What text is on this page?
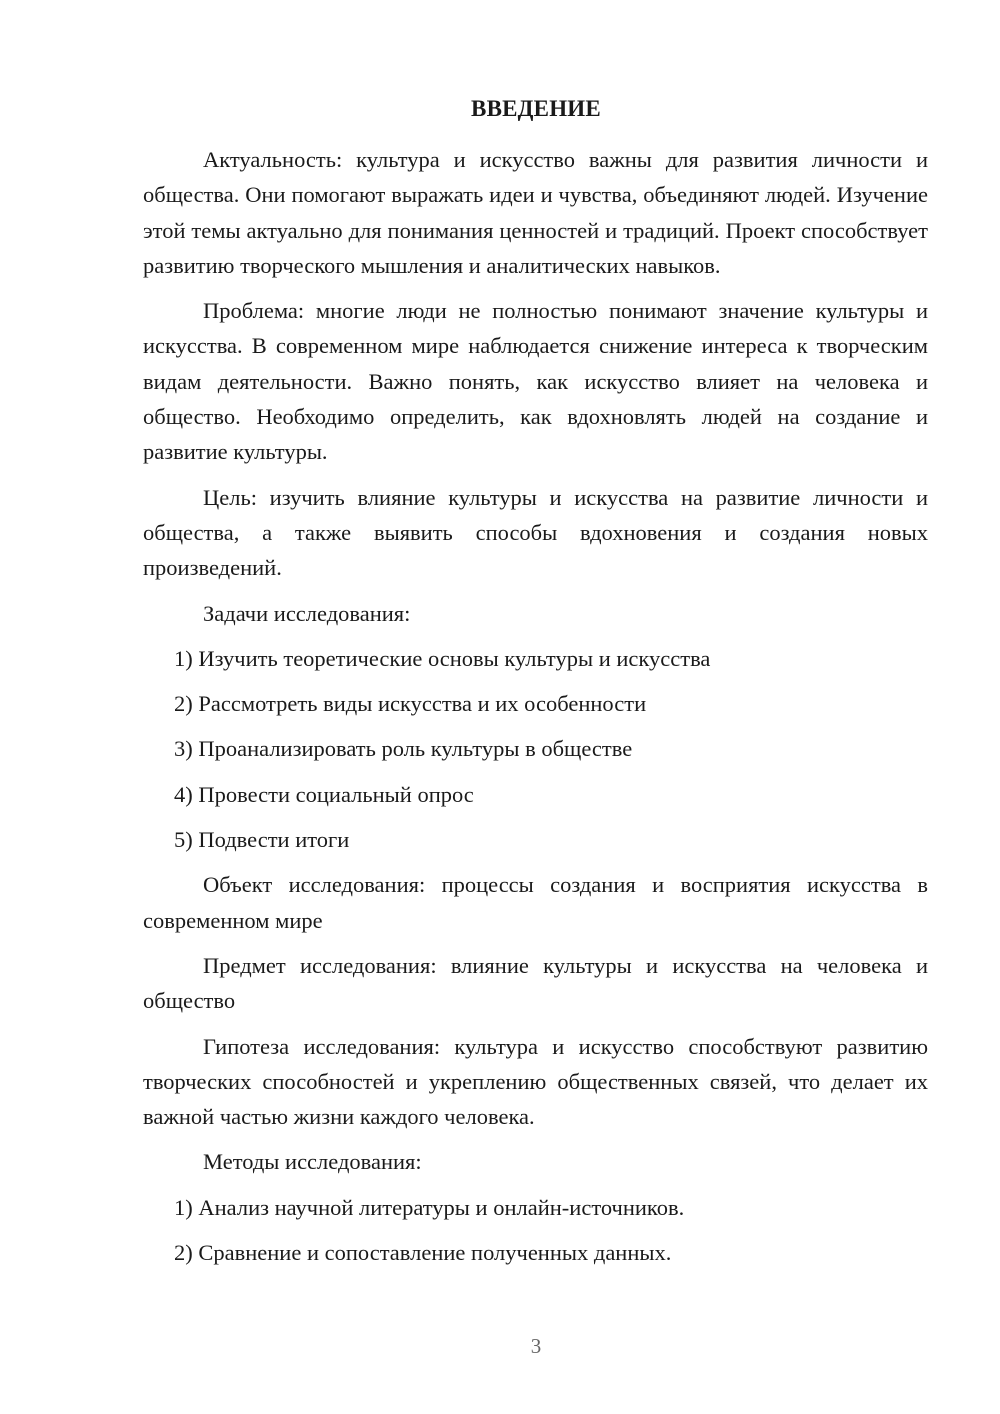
ВВЕДЕНИЕ

Актуальность: культура и искусство важны для развития личности и общества. Они помогают выражать идеи и чувства, объединяют людей. Изучение этой темы актуально для понимания ценностей и традиций. Проект способствует развитию творческого мышления и аналитических навыков.

Проблема: многие люди не полностью понимают значение культуры и искусства. В современном мире наблюдается снижение интереса к творческим видам деятельности. Важно понять, как искусство влияет на человека и общество. Необходимо определить, как вдохновлять людей на создание и развитие культуры.

Цель: изучить влияние культуры и искусства на развитие личности и общества, а также выявить способы вдохновения и создания новых произведений.

Задачи исследования:

1) Изучить теоретические основы культуры и искусства
2) Рассмотреть виды искусства и их особенности
3) Проанализировать роль культуры в обществе
4) Провести социальный опрос
5) Подвести итоги

Объект исследования: процессы создания и восприятия искусства в современном мире

Предмет исследования: влияние культуры и искусства на человека и общество

Гипотеза исследования: культура и искусство способствуют развитию творческих способностей и укреплению общественных связей, что делает их важной частью жизни каждого человека.

Методы исследования:

1) Анализ научной литературы и онлайн-источников.
2) Сравнение и сопоставление полученных данных.
3
